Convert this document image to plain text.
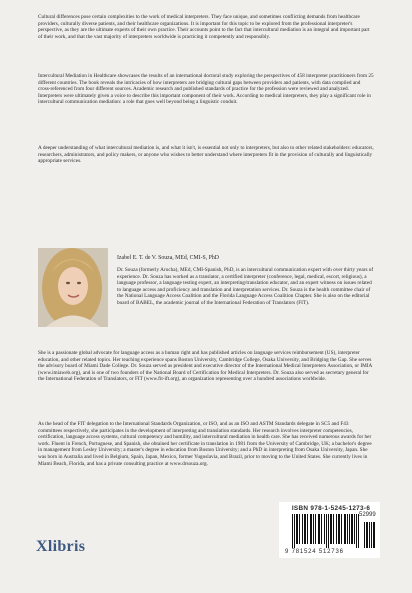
Cultural differences pose certain complexities to the work of medical interpreters. They face unique, and sometimes conflicting demands from healthcare providers, culturally diverse patients, and their healthcare organizations. It is important for this topic to be explored from the professional interpreter's perspective, as they are the ultimate experts of their own practice. Their accounts point to the fact that intercultural mediation is an integral and important part of their work, and that the vast majority of interpreters worldwide is practicing it competently and responsibly.

Intercultural Mediation in Healthcare showcases the results of an international doctoral study exploring the perspectives of 458 interpreter practitioners from 25 different countries. The book reveals the intricacies of how interpreters are bridging cultural gaps between providers and patients, with data compiled and cross-referenced from four different sources. Academic research and published standards of practice for the profession were reviewed and analyzed. Interpreters were ultimately given a voice to describe this important component of their work. According to medical interpreters, they play a significant role in intercultural communication mediation: a role that goes well beyond being a linguistic conduit.

A deeper understanding of what intercultural mediation is, and what it isn't, is essential not only to interpreters, but also to other related stakeholders: educators, researchers, administrators, and policy makers, or anyone who wishes to better understand where interpreters fit in the provision of culturally and linguistically appropriate services.

Izabel E. T. de V. Souza, MEd, CMI-S, PhD

Dr. Souza (formerly Arocha), MEd, CMI-Spanish, PhD, is an intercultural communication expert with over thirty years of experience. Dr. Souza has worked as a translator, a certified interpreter (conference, legal, medical, escort, religious), a language professor, a language testing expert, an interpreting/translation educator, and an expert witness on issues related to language access and proficiency and translation and interpretation services. Dr. Souza is the health committee chair of the National Language Access Coalition and the Florida Language Access Coalition Chapter. She is also on the editorial board of BABEL, the academic journal of the International Federation of Translators (FIT).

She is a passionate global advocate for language access as a human right and has published articles on language services reimbursement (US), interpreter education, and other related topics. Her teaching experience spans Boston University, Cambridge College, Osaka University, and Bridging the Gap. She serves the advisory board of Miami Dade College. Dr. Souza served as president and executive director of the International Medical Interpreters Association, or IMIA (www.imiaweb.org), and is one of two founders of the National Board of Certification for Medical Interpreters. Dr. Souza also served as secretary general for the International Federation of Translators, or FIT (www.fit-ift.org), an organization representing over a hundred associations worldwide.

As the head of the FIT delegation to the International Standards Organization, or ISO, and as an ISO and ASTM Standards delegate in SC5 and F43 committees respectively, she participates in the development of interpreting and translation standards. Her research involves interpreter competencies, certification, language access systems, cultural competency and humility, and intercultural mediation in health care. She has received numerous awards for her work. Fluent in French, Portuguese, and Spanish, she obtained her certificate in translation in 1981 from the University of Cambridge, UK; a bachelor's degree in management from Lesley University; a master's degree in education from Boston University; and a PhD in interpreting from Osaka University, Japan. She was born in Australia and lived in Belgium, Spain, Japan, Mexico, former Yugoslavia, and Brazil, prior to moving to the United States. She currently lives in Miami Beach, Florida, and has a private consulting practice at www.drsouza.org.

Xlibris
ISBN 978-1-5245-1273-6
52999
9 781524 512736
